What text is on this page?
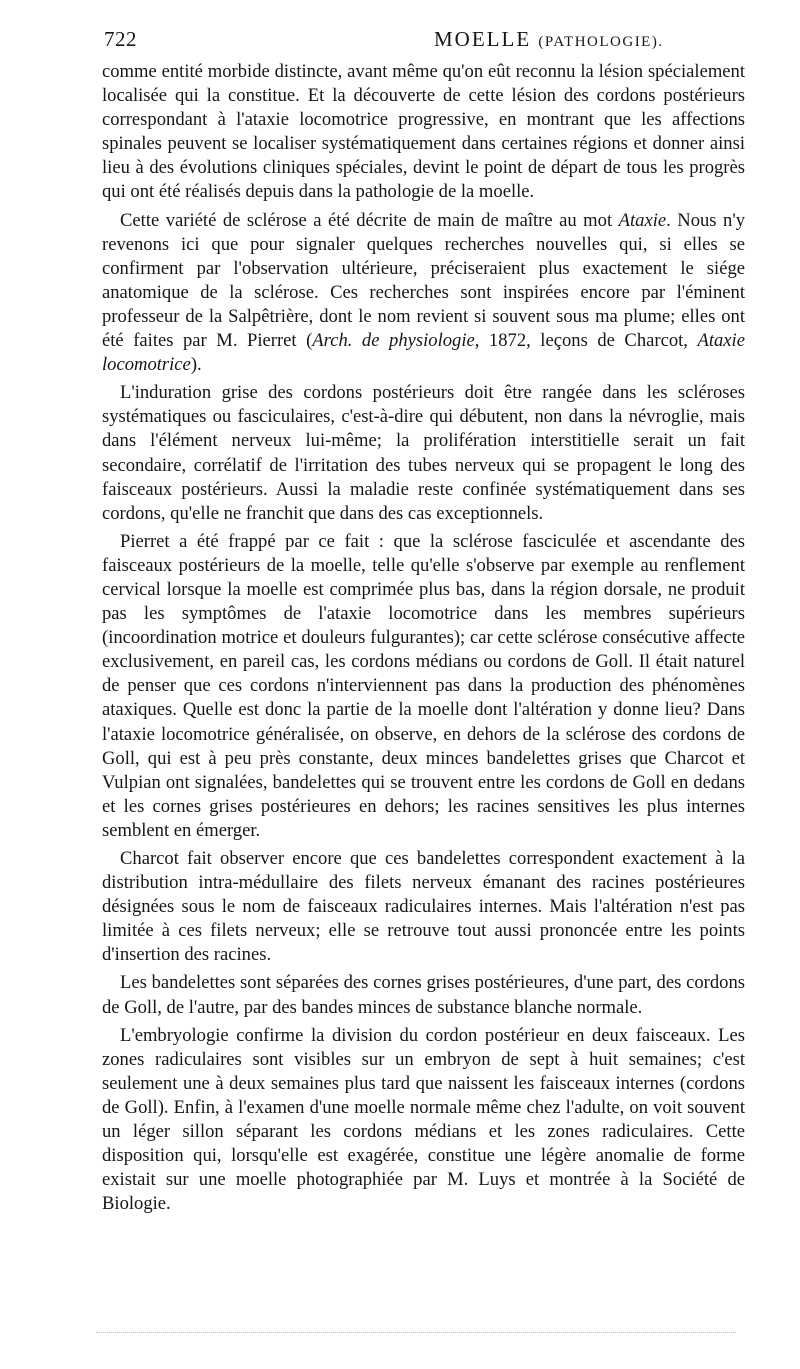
722	MOELLE (PATHOLOGIE).

comme entité morbide distincte, avant même qu'on eût reconnu la lésion spécialement localisée qui la constitue. Et la découverte de cette lésion des cordons postérieurs correspondant à l'ataxie locomotrice progressive, en montrant que les affections spinales peuvent se localiser systématiquement dans certaines régions et donner ainsi lieu à des évolutions cliniques spéciales, devint le point de départ de tous les progrès qui ont été réalisés depuis dans la pathologie de la moelle.

Cette variété de sclérose a été décrite de main de maître au mot Ataxie. Nous n'y revenons ici que pour signaler quelques recherches nouvelles qui, si elles se confirment par l'observation ultérieure, préciseraient plus exactement le siége anatomique de la sclérose. Ces recherches sont inspirées encore par l'éminent professeur de la Salpêtrière, dont le nom revient si souvent sous ma plume; elles ont été faites par M. Pierret (Arch. de physiologie, 1872, leçons de Charcot, Ataxie locomotrice).

L'induration grise des cordons postérieurs doit être rangée dans les scléroses systématiques ou fasciculaires, c'est-à-dire qui débutent, non dans la névroglie, mais dans l'élément nerveux lui-même; la prolifération interstitielle serait un fait secondaire, corrélatif de l'irritation des tubes nerveux qui se propagent le long des faisceaux postérieurs. Aussi la maladie reste confinée systématiquement dans ses cordons, qu'elle ne franchit que dans des cas exceptionnels.

Pierret a été frappé par ce fait : que la sclérose fasciculée et ascendante des faisceaux postérieurs de la moelle, telle qu'elle s'observe par exemple au renflement cervical lorsque la moelle est comprimée plus bas, dans la région dorsale, ne produit pas les symptômes de l'ataxie locomotrice dans les membres supérieurs (incoordination motrice et douleurs fulgurantes); car cette sclérose consécutive affecte exclusivement, en pareil cas, les cordons médians ou cordons de Goll. Il était naturel de penser que ces cordons n'interviennent pas dans la production des phénomènes ataxiques. Quelle est donc la partie de la moelle dont l'altération y donne lieu? Dans l'ataxie locomotrice généralisée, on observe, en dehors de la sclérose des cordons de Goll, qui est à peu près constante, deux minces bandelettes grises que Charcot et Vulpian ont signalées, bandelettes qui se trouvent entre les cordons de Goll en dedans et les cornes grises postérieures en dehors; les racines sensitives les plus internes semblent en émerger.

Charcot fait observer encore que ces bandelettes correspondent exactement à la distribution intra-médullaire des filets nerveux émanant des racines postérieures désignées sous le nom de faisceaux radiculaires internes. Mais l'altération n'est pas limitée à ces filets nerveux; elle se retrouve tout aussi prononcée entre les points d'insertion des racines.

Les bandelettes sont séparées des cornes grises postérieures, d'une part, des cordons de Goll, de l'autre, par des bandes minces de substance blanche normale.

L'embryologie confirme la division du cordon postérieur en deux faisceaux. Les zones radiculaires sont visibles sur un embryon de sept à huit semaines; c'est seulement une à deux semaines plus tard que naissent les faisceaux internes (cordons de Goll). Enfin, à l'examen d'une moelle normale même chez l'adulte, on voit souvent un léger sillon séparant les cordons médians et les zones radiculaires. Cette disposition qui, lorsqu'elle est exagérée, constitue une légère anomalie de forme existait sur une moelle photographiée par M. Luys et montrée à la Société de Biologie.
